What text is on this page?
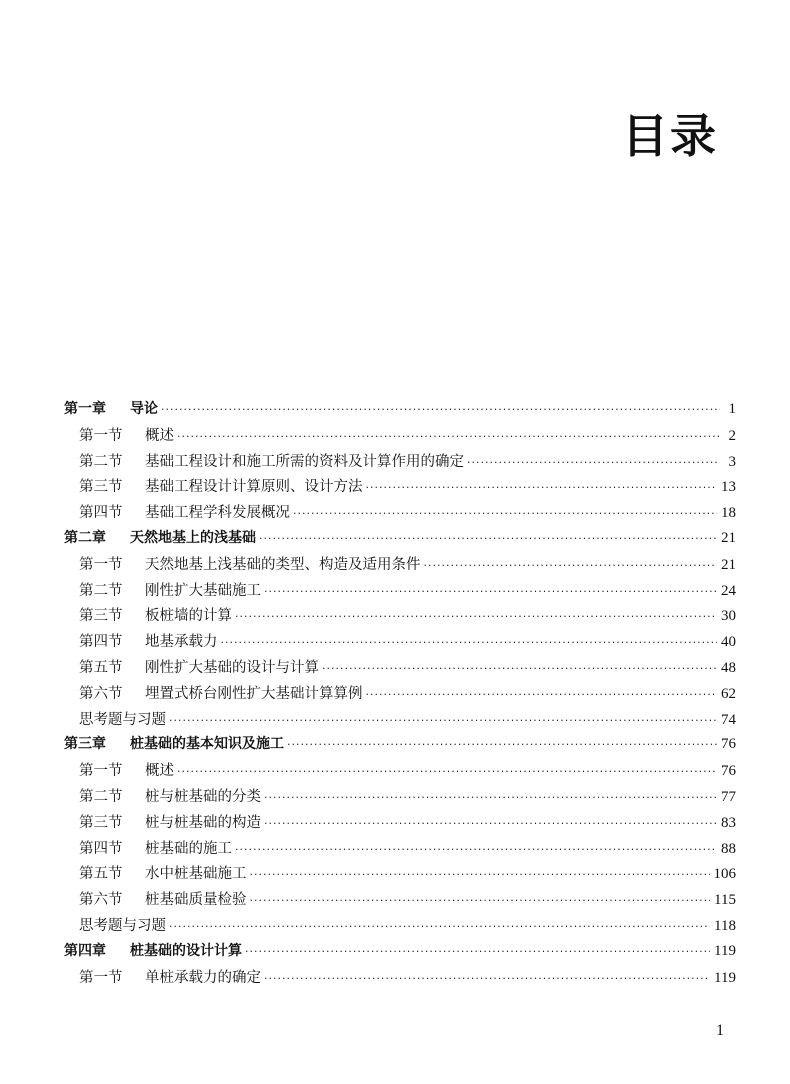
目录
第一章	导论 ·····	1
第一节	概述 ·····	2
第二节	基础工程设计和施工所需的资料及计算作用的确定 ·····	3
第三节	基础工程设计计算原则、设计方法 ·····	13
第四节	基础工程学科发展概况 ·····	18
第二章	天然地基上的浅基础 ·····	21
第一节	天然地基上浅基础的类型、构造及适用条件 ·····	21
第二节	刚性扩大基础施工 ·····	24
第三节	板桩墙的计算 ·····	30
第四节	地基承载力 ·····	40
第五节	刚性扩大基础的设计与计算 ·····	48
第六节	埋置式桥台刚性扩大基础计算算例 ·····	62
思考题与习题 ·····	74
第三章	桩基础的基本知识及施工 ·····	76
第一节	概述 ·····	76
第二节	桩与桩基础的分类 ·····	77
第三节	桩与桩基础的构造 ·····	83
第四节	桩基础的施工 ·····	88
第五节	水中桩基础施工 ·····	106
第六节	桩基础质量检验 ·····	115
思考题与习题 ·····	118
第四章	桩基础的设计计算 ·····	119
第一节	单桩承载力的确定 ·····	119
1
